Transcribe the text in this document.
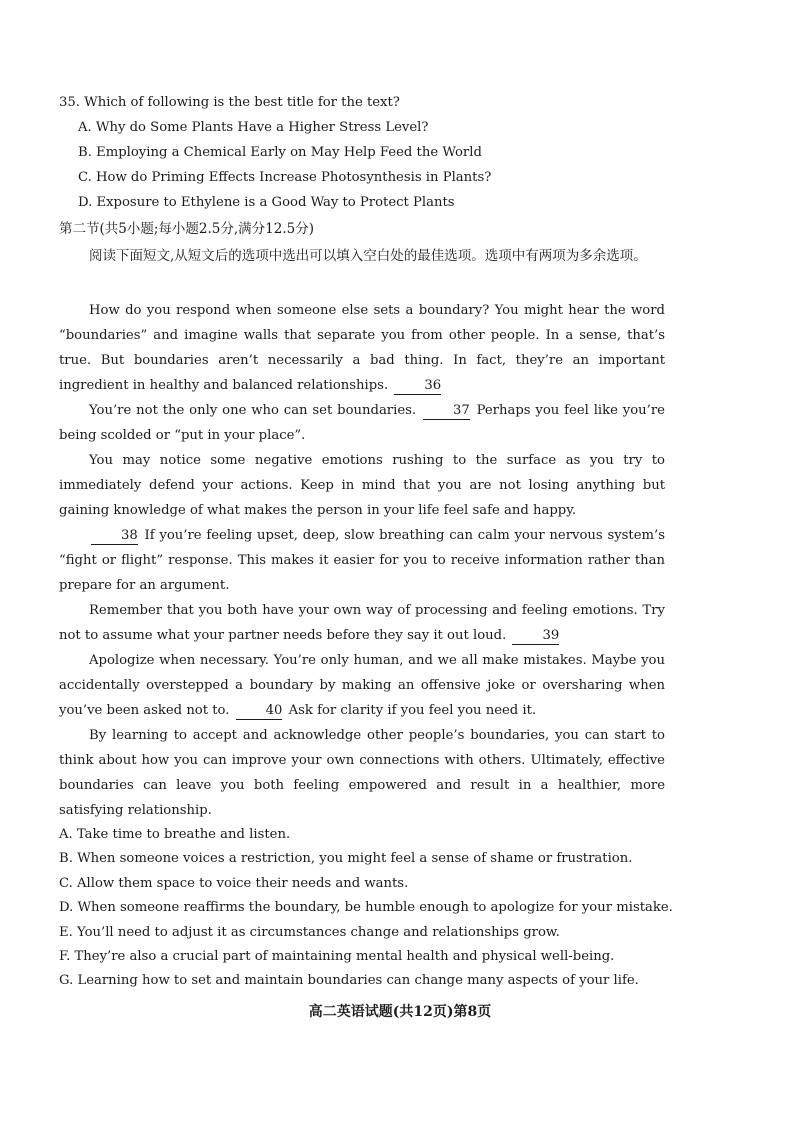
35. Which of following is the best title for the text?
A. Why do Some Plants Have a Higher Stress Level?
B. Employing a Chemical Early on May Help Feed the World
C. How do Priming Effects Increase Photosynthesis in Plants?
D. Exposure to Ethylene is a Good Way to Protect Plants
第二节(共5小题;每小题2.5分,满分12.5分)
阅读下面短文,从短文后的选项中选出可以填入空白处的最佳选项。选项中有两项为多余选项。

How do you respond when someone else sets a boundary? You might hear the word “boundaries” and imagine walls that separate you from other people. In a sense, that’s true. But boundaries aren’t necessarily a bad thing. In fact, they’re an important ingredient in healthy and balanced relationships.	36

You’re not the only one who can set boundaries.	37 Perhaps you feel like you’re being scolded or “put in your place”.

You may notice some negative emotions rushing to the surface as you try to immediately defend your actions. Keep in mind that you are not losing anything but gaining knowledge of what makes the person in your life feel safe and happy.

38 If you’re feeling upset, deep, slow breathing can calm your nervous system’s “fight or flight” response. This makes it easier for you to receive information rather than prepare for an argument.

Remember that you both have your own way of processing and feeling emotions. Try not to assume what your partner needs before they say it out loud.	39

Apologize when necessary. You’re only human, and we all make mistakes. Maybe you accidentally overstepped a boundary by making an offensive joke or oversharing when you’ve been asked not to.	40 Ask for clarity if you feel you need it.

By learning to accept and acknowledge other people’s boundaries, you can start to think about how you can improve your own connections with others. Ultimately, effective boundaries can leave you both feeling empowered and result in a healthier, more satisfying relationship.

A. Take time to breathe and listen.
B. When someone voices a restriction, you might feel a sense of shame or frustration.
C. Allow them space to voice their needs and wants.
D. When someone reaffirms the boundary, be humble enough to apologize for your mistake.
E. You’ll need to adjust it as circumstances change and relationships grow.
F. They’re also a crucial part of maintaining mental health and physical well-being.
G. Learning how to set and maintain boundaries can change many aspects of your life.
高二英语试题(共12页)第8页
